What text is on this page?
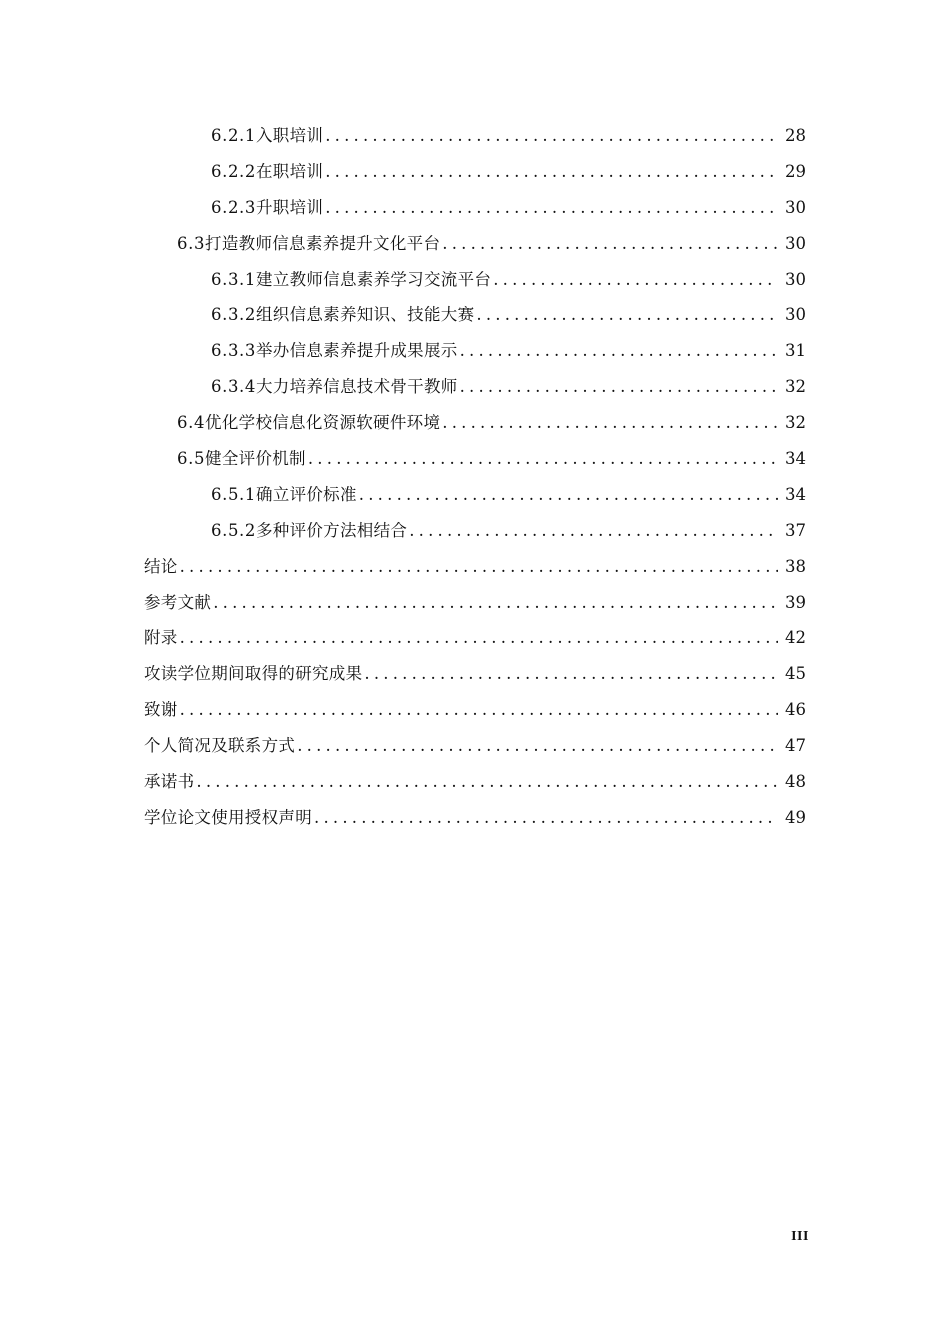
6.2.1入职培训 .....	28
6.2.2在职培训 .....	29
6.2.3升职培训 .....	30
6.3打造教师信息素养提升文化平台 .....	30
6.3.1建立教师信息素养学习交流平台 .....	30
6.3.2组织信息素养知识、技能大赛 .....	30
6.3.3举办信息素养提升成果展示 .....	31
6.3.4大力培养信息技术骨干教师 .....	32
6.4优化学校信息化资源软硬件环境 .....	32
6.5健全评价机制 .....	34
6.5.1确立评价标准 .....	34
6.5.2多种评价方法相结合 .....	37
结论 .....	38
参考文献 .....	39
附录 .....	42
攻读学位期间取得的研究成果 .....	45
致谢 .....	46
个人简况及联系方式 .....	47
承诺书 .....	48
学位论文使用授权声明 .....	49
III
